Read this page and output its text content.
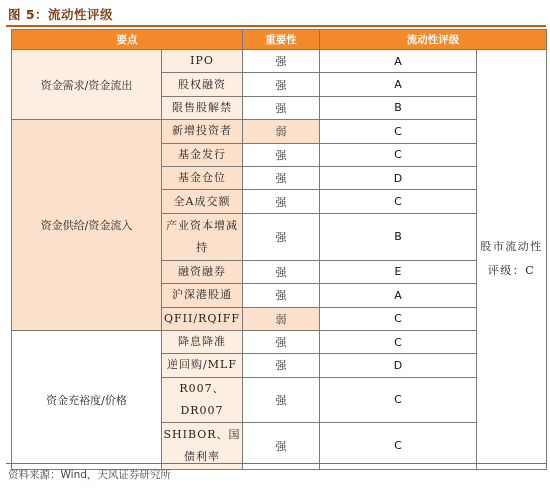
图 5：流动性评级
要点		重要性	流动性评级	
资金需求/资金流出	IPO	强	A	股市流动性评级：C
	股权融资	强	A	
	限售股解禁	强	B	
资金供给/资金流入	新增投资者	弱	C	
	基金发行	强	C	
	基金仓位	强	D	
	全A成交额	强	C	
	产业资本增减持	强	B	
	融资融券	强	E	
	沪深港股通	强	A	
	QFII/RQIFF	弱	C	
资金充裕度/价格	降息降准	强	C	
	逆回购/MLF	强	D	
	R007、DR007	强	C	
	SHIBOR、国债利率	强	C	
资料来源：Wind，天风证券研究所
